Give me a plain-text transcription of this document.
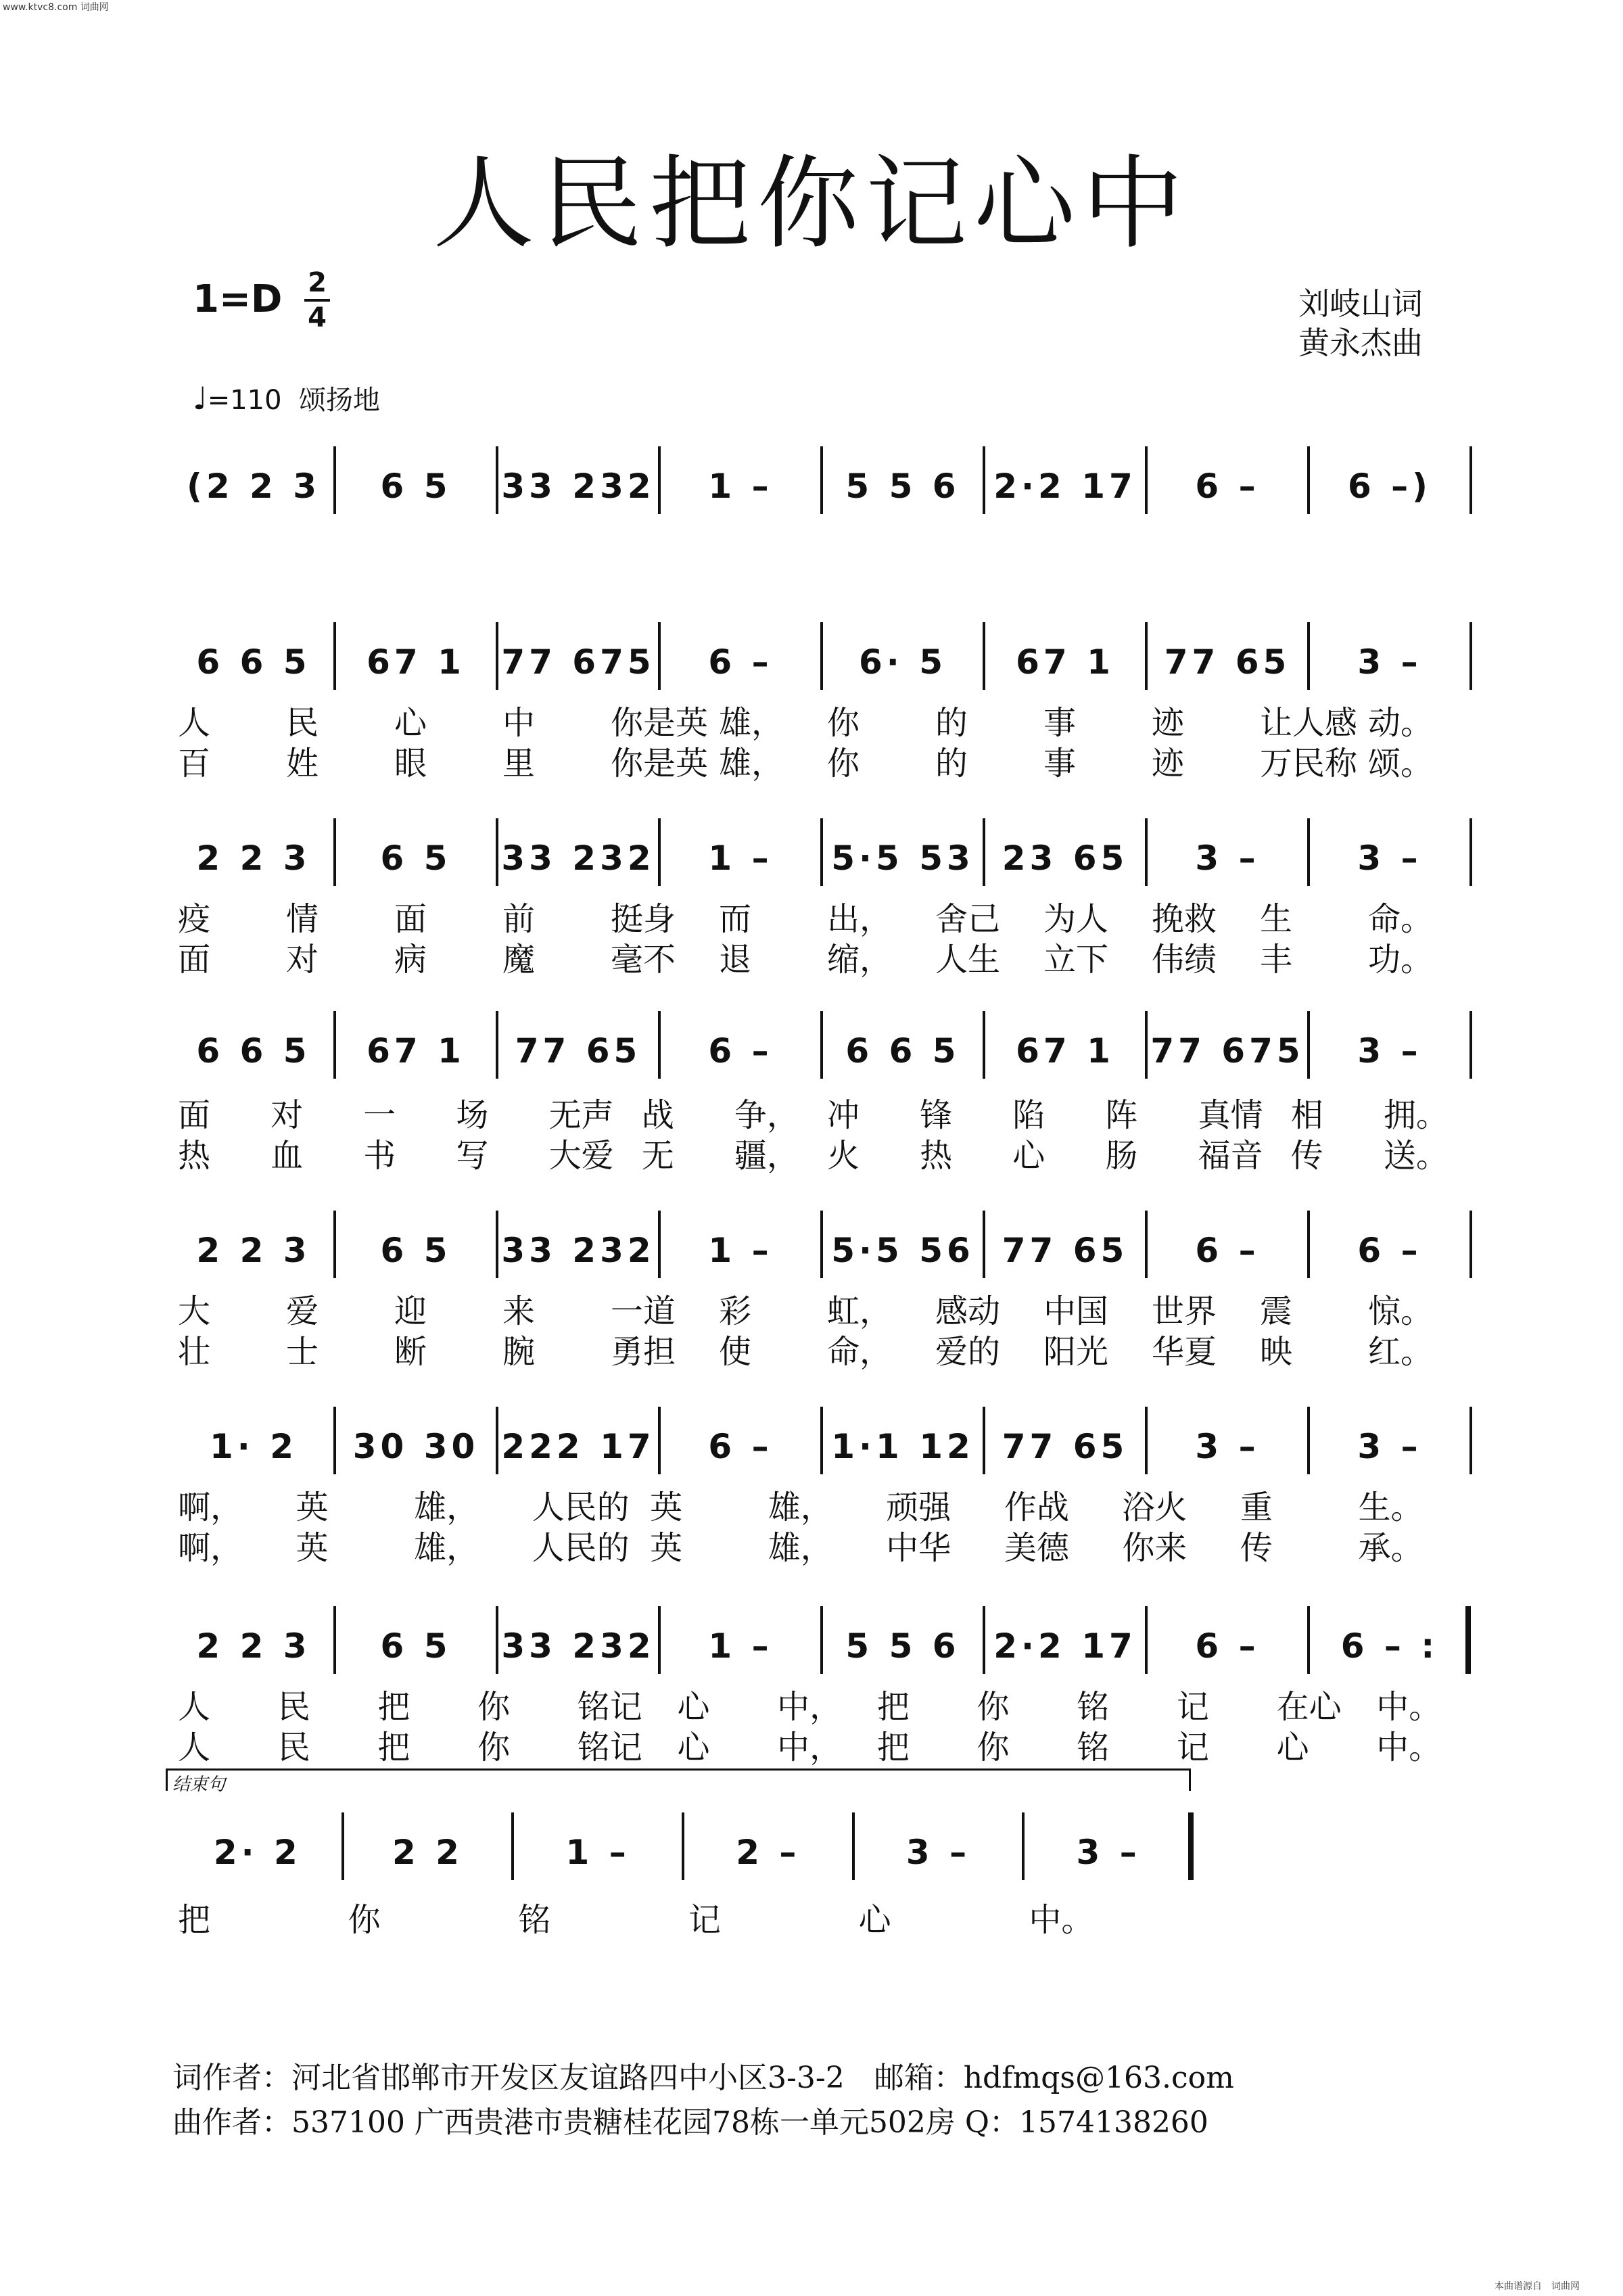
www.ktvc8.com 词曲网
人民把你记心中
1=D 2
4	刘岐山词
黄永杰曲
♩=110 颂扬地
(2 2 3	6 5	33 232	1 –	5 5 6 2·2 17	6 –	6 –)
6 6 5	67 1	77 675	6 –	6· 5	67 1	77 65	3 –
人 民 心 中 你是英 雄， 你 的 事 迹 让人感 动。
百 姓 眼 里 你是英 雄， 你 的 事 迹 万民称 颂。
2 2 3	6 5	33 232	1 –	5·5 53 23 65	3 –	3 –
疫 情 面 前 挺身 而 出， 舍己 为人 挽救 生 命。
面 对 病 魔 毫不 退 缩， 人生 立下 伟绩 丰 功。
6 6 5	67 1	77 65	6 –	6 6 5	67 1	77 675	3 –
面 对 一 场 无声 战 争， 冲 锋 陷 阵 真情 相 拥。
热 血 书 写 大爱 无 疆， 火 热 心 肠 福音 传 送。
2 2 3	6 5	33 232	1 –	5·5 56 77 65	6 –	6 –
大 爱 迎 来 一道 彩 虹， 感动 中国 世界 震 惊。
壮 士 断 腕 勇担 使 命， 爱的 阳光 华夏 映 红。
1· 2	30 30 222 17	6 –	1·1 12 77 65	3 –	3 –
啊， 英	雄， 人民的 英	雄， 顽强 作战 浴火 重	生。
啊， 英	雄， 人民的 英	雄， 中华 美德 你来 传	承。
2 2 3	6 5	33 232	1 –	5 5 6 2·2 17	6 –	6 – :
人 民 把 你 铭记 心 中， 把 你 铭 记 在心 中。
人 民 把 你 铭记 心 中， 把 你 铭 记 心 中。
2· 2	2 2	1 –	2 –	3 –	3 –
把	你	铭	记	心	中。
结束句
词作者：河北省邯郸市开发区友谊路四中小区3-3-2　邮箱：hdfmqs@163.com
曲作者：537100 广西贵港市贵糖桂花园78栋一单元502房 Q：1574138260
本曲谱源自　词曲网
